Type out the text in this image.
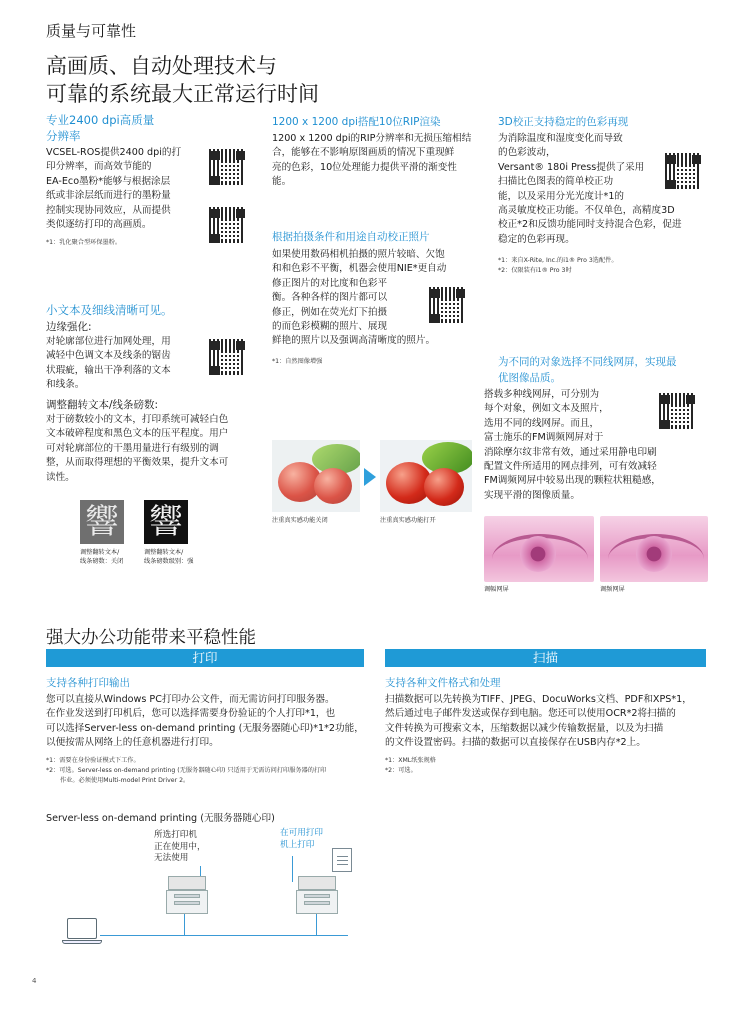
质量与可靠性
高画质、自动处理技术与
可靠的系统最大正常运行时间
专业2400 dpi高质量
分辨率
VCSEL-ROS提供2400 dpi的打
印分辨率，而高效节能的
EA-Eco墨粉*能够与根据涂层
纸或非涂层纸而进行的墨粉量
控制实现协同效应，从而提供
类似逐纺打印的高画质。
*1：乳化聚合型环保墨粉。
小文本及细线清晰可见。
边缘强化:
对轮廓部位进行加网处理，用
减轻中色调文本及线条的锯齿
状瑕疵，输出干净利落的文本
和线条。
调整翻转文本/线条磅数:
对于磅数较小的文本，打印系统可减轻白色
文本破碎程度和黑色文本的压平程度。用户
可对轮廓部位的干墨用量进行有级别的调
整，从而取得理想的平衡效果，提升文本可
读性。
響 響
调整翻转文本/
线条磅数：关闭
调整翻转文本/
线条磅数级别：强
1200 x 1200 dpi搭配10位RIP渲染
1200 x 1200 dpi的RIP分辨率和无损压缩相结
合，能够在不影响原图画质的情况下重现鲜
亮的色彩，10位处理能力提供平滑的渐变性
能。
根据拍摄条件和用途自动校正照片
如果使用数码相机拍摄的照片较暗、欠饱
和和色彩不平衡，机器会使用NIE*更自动
修正图片的对比度和色彩平
衡。各种各样的图片都可以
修正，例如在荧光灯下拍摄
的而色彩模糊的照片、展现
鲜艳的照片以及强调高清晰度的照片。
*1：自然图像增强
注重真实感功能关闭	注重真实感功能打开
3D校正支持稳定的色彩再现
为消除温度和湿度变化而导致
的色彩波动，
Versant® 180i Press提供了采用
扫描比色图表的简单校正功
能，以及采用分光光度计*1的
高灵敏度校正功能。不仅单色，高精度3D
校正*2和反馈功能同时支持混合色彩，促进
稳定的色彩再现。
*1：来自X-Rite, Inc.的i1® Pro 3选配件。
*2：仅限装有i1® Pro 3时
为不同的对象选择不同线网屏，实现最
优图像品质。
搭载多种线网屏，可分别为
每个对象，例如文本及照片，
选用不同的线网屏。而且，
富士施乐的FM调频网屏对于
消除摩尔纹非常有效，通过采用静电印刷
配置文件所适用的网点排列，可有效减轻
FM调频网屏中较易出现的颗粒状粗糙感，
实现平滑的图像质量。
调幅网屏	调频网屏
强大办公功能带来平稳性能
打印	扫描
支持各种打印输出
您可以直接从Windows PC打印办公文件，而无需访问打印服务器。
在作业发送到打印机后，您可以选择需要身份验证的个人打印*1，也
可以选择Server-less on-demand printing (无服务器随心印)*1*2功能，
以便按需从网络上的任意机器进行打印。
*1：需要在身份验证模式下工作。
*2：可选。Server-less on-demand printing (无服务器随心印) 只适用于无需访问打印服务器的打印
作业。必须使用Multi-model Print Driver 2。
支持各种文件格式和处理
扫描数据可以先转换为TIFF、JPEG、DocuWorks文档、PDF和XPS*1，
然后通过电子邮件发送或保存到电脑。您还可以使用OCR*2将扫描的
文件转换为可搜索文本，压缩数据以减少传输数据量，以及为扫描
的文件设置密码。扫描的数据可以直接保存在USB内存*2上。
*1：XML纸张规格
*2：可选。
Server-less on-demand printing (无服务器随心印)
所选打印机
正在使用中，
无法使用
在可用打印
机上打印
4
